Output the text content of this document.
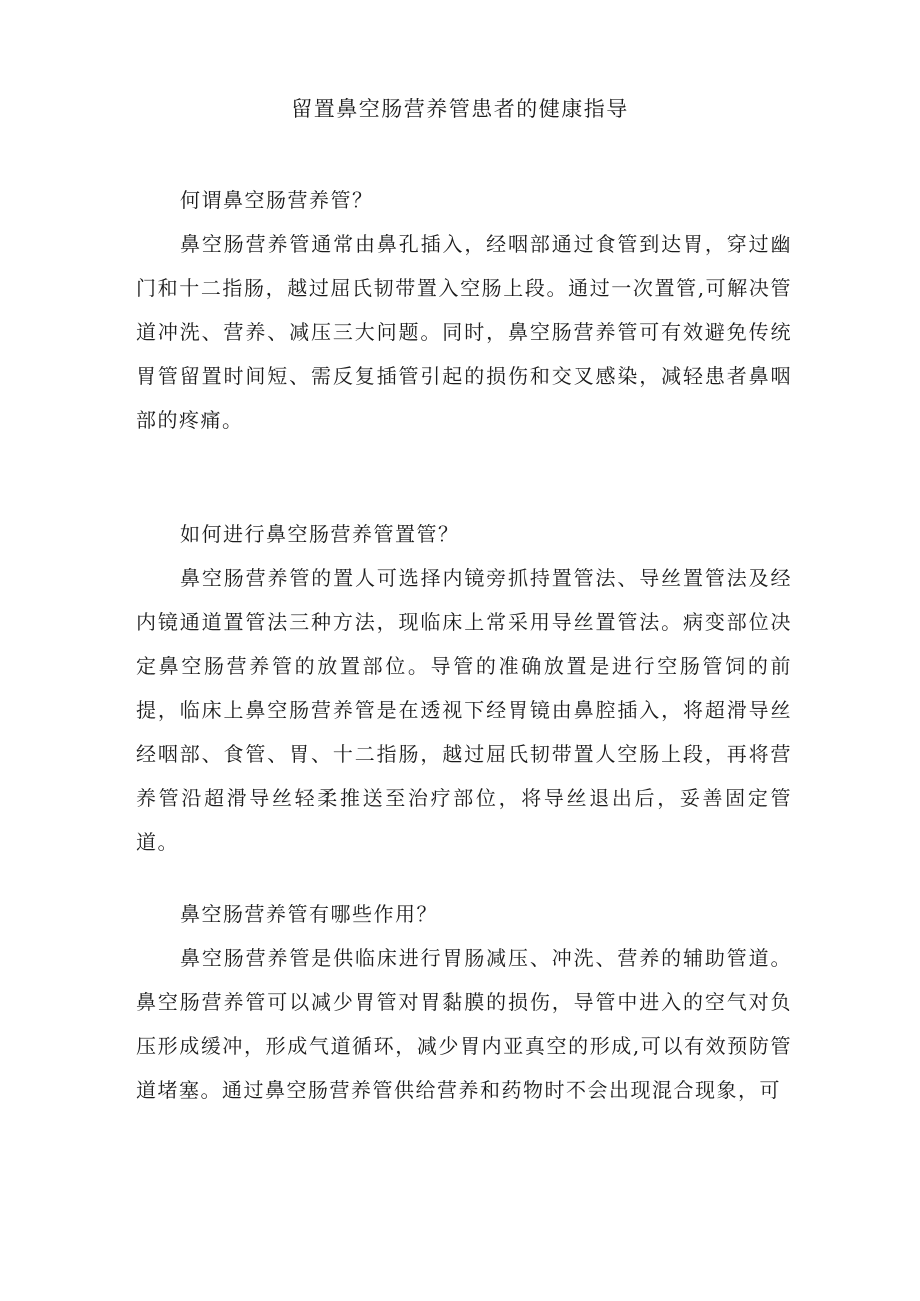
留置鼻空肠营养管患者的健康指导

何谓鼻空肠营养管？

鼻空肠营养管通常由鼻孔插入，经咽部通过食管到达胃，穿过幽门和十二指肠，越过屈氏韧带置入空肠上段。通过一次置管,可解决管道冲洗、营养、减压三大问题。同时，鼻空肠营养管可有效避免传统胃管留置时间短、需反复插管引起的损伤和交叉感染，减轻患者鼻咽部的疼痛。

如何进行鼻空肠营养管置管？

鼻空肠营养管的置人可选择内镜旁抓持置管法、导丝置管法及经内镜通道置管法三种方法，现临床上常采用导丝置管法。病变部位决定鼻空肠营养管的放置部位。导管的准确放置是进行空肠管饲的前提，临床上鼻空肠营养管是在透视下经胃镜由鼻腔插入，将超滑导丝经咽部、食管、胃、十二指肠，越过屈氏韧带置人空肠上段，再将营养管沿超滑导丝轻柔推送至治疗部位，将导丝退出后，妥善固定管道。

鼻空肠营养管有哪些作用？

鼻空肠营养管是供临床进行胃肠减压、冲洗、营养的辅助管道。鼻空肠营养管可以减少胃管对胃黏膜的损伤，导管中进入的空气对负压形成缓冲，形成气道循环，减少胃内亚真空的形成,可以有效预防管道堵塞。通过鼻空肠营养管供给营养和药物时不会出现混合现象，可
